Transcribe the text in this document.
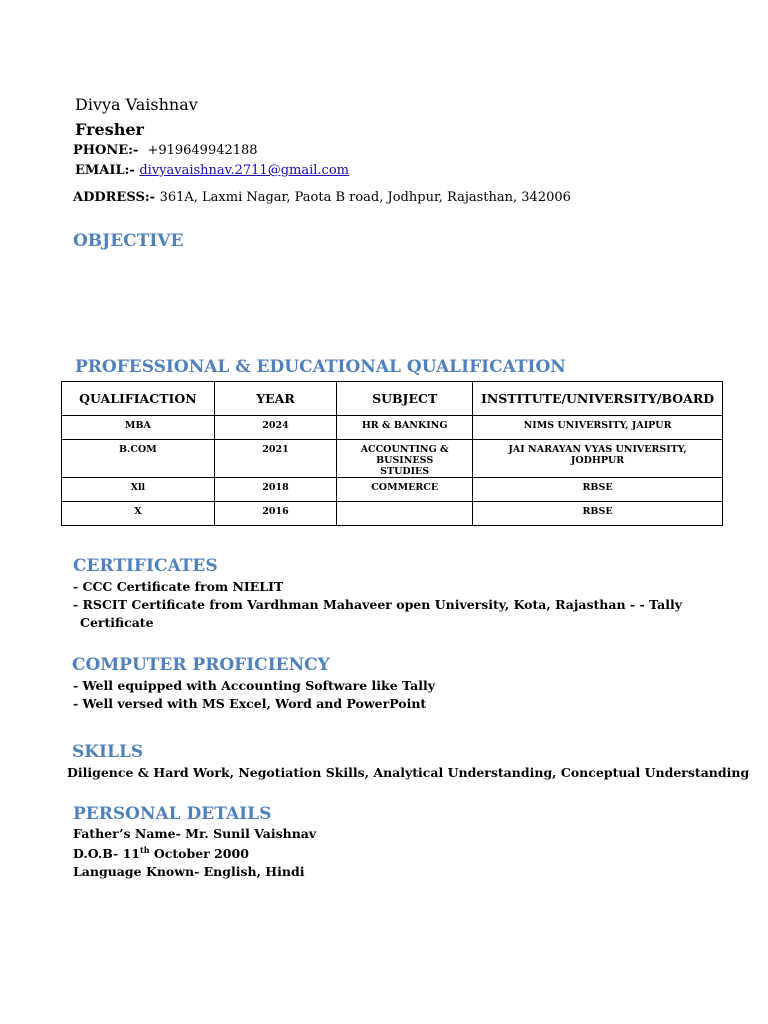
Divya Vaishnav
Fresher
PHONE:- +919649942188
EMAIL:- divyavaishnav.2711@gmail.com
ADDRESS:- 361A, Laxmi Nagar, Paota B road, Jodhpur, Rajasthan, 342006
OBJECTIVE
PROFESSIONAL & EDUCATIONAL QUALIFICATION
QUALIFIACTION	YEAR	SUBJECT	INSTITUTE/UNIVERSITY/BOARD
MBA	2024	HR & BANKING	NIMS UNIVERSITY, JAIPUR
B.COM	2021	ACCOUNTING & BUSINESS STUDIES	JAI NARAYAN VYAS UNIVERSITY, JODHPUR
Xll	2018	COMMERCE	RBSE
X	2016		RBSE
CERTIFICATES
- CCC Certificate from NIELIT
- RSCIT Certificate from Vardhman Mahaveer open University, Kota, Rajasthan - - Tally
Certificate
COMPUTER PROFICIENCY
- Well equipped with Accounting Software like Tally
- Well versed with MS Excel, Word and PowerPoint
SKILLS
Diligence & Hard Work, Negotiation Skills, Analytical Understanding, Conceptual Understanding
PERSONAL DETAILS
Father’s Name- Mr. Sunil Vaishnav
D.O.B- 11th October 2000
Language Known- English, Hindi
